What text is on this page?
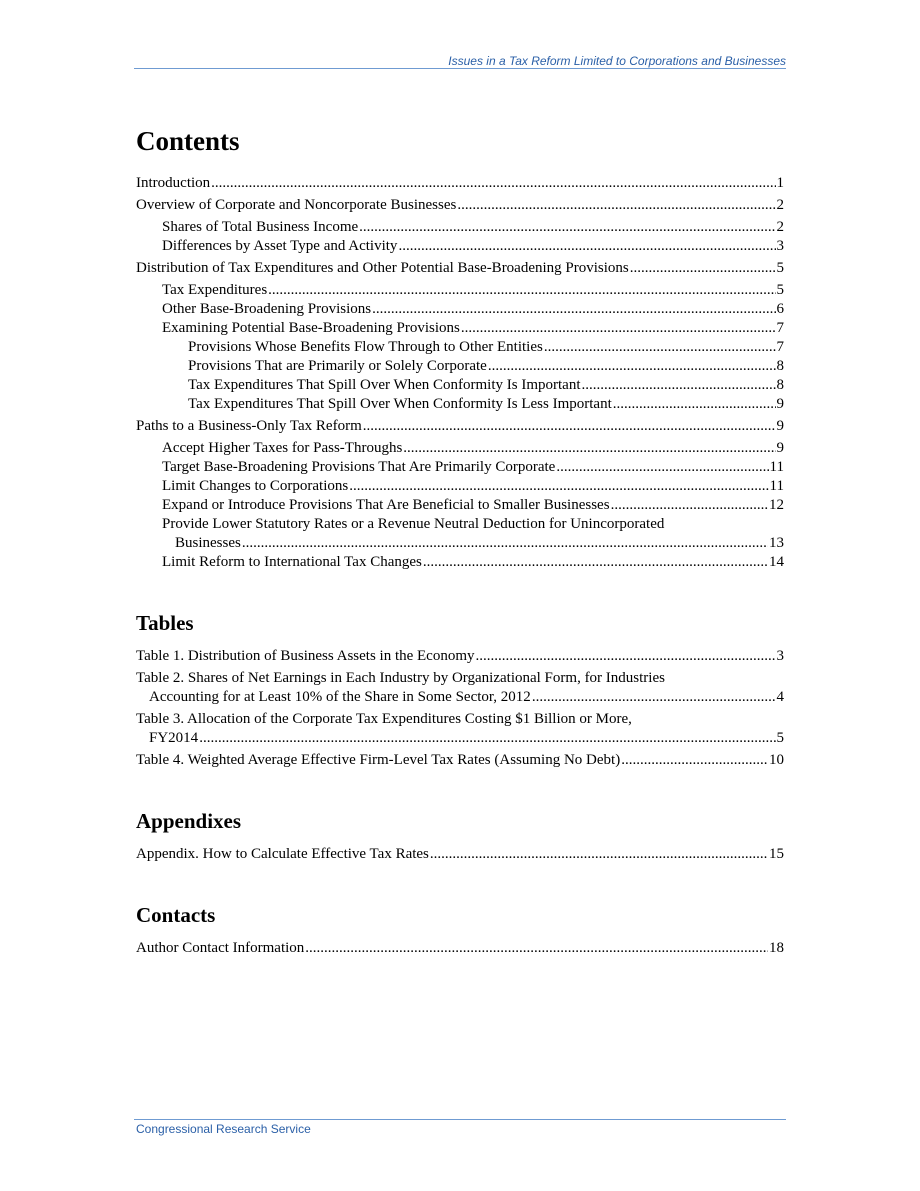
Issues in a Tax Reform Limited to Corporations and Businesses
Contents
Introduction .....	1
Overview of Corporate and Noncorporate Businesses .....	2
Shares of Total Business Income .....	2
Differences by Asset Type and Activity .....	3
Distribution of Tax Expenditures and Other Potential Base-Broadening Provisions .....	5
Tax Expenditures .....	5
Other Base-Broadening Provisions .....	6
Examining Potential Base-Broadening Provisions .....	7
Provisions Whose Benefits Flow Through to Other Entities .....	7
Provisions That are Primarily or Solely Corporate .....	8
Tax Expenditures That Spill Over When Conformity Is Important .....	8
Tax Expenditures That Spill Over When Conformity Is Less Important .....	9
Paths to a Business-Only Tax Reform .....	9
Accept Higher Taxes for Pass-Throughs .....	9
Target Base-Broadening Provisions That Are Primarily Corporate .....	11
Limit Changes to Corporations .....	11
Expand or Introduce Provisions That Are Beneficial to Smaller Businesses .....	12
Provide Lower Statutory Rates or a Revenue Neutral Deduction for Unincorporated
Businesses .....	13
Limit Reform to International Tax Changes .....	14
Tables
Table 1. Distribution of Business Assets in the Economy .....	3
Table 2. Shares of Net Earnings in Each Industry by Organizational Form, for Industries
Accounting for at Least 10% of the Share in Some Sector, 2012 .....	4
Table 3. Allocation of the Corporate Tax Expenditures Costing $1 Billion or More,
FY2014 .....	5
Table 4. Weighted Average Effective Firm-Level Tax Rates (Assuming No Debt) .....	10
Appendixes
Appendix. How to Calculate Effective Tax Rates .....	15
Contacts
Author Contact Information .....	18
Congressional Research Service
